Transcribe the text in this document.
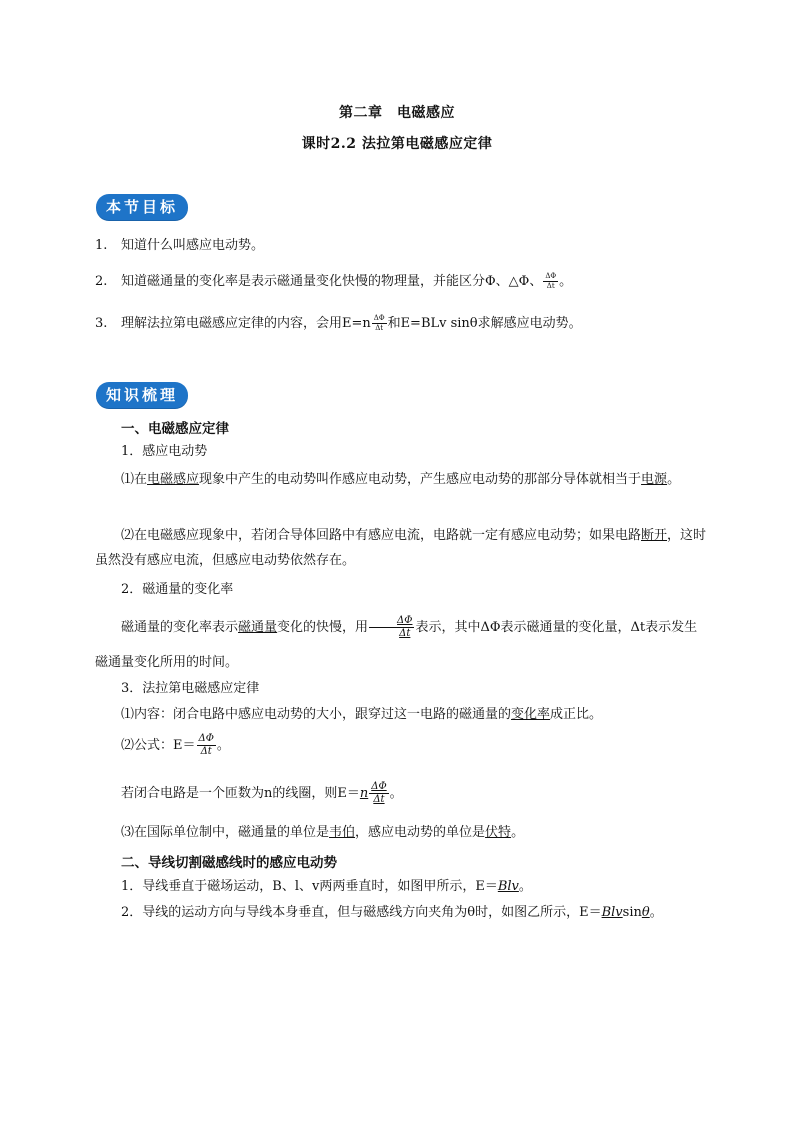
第二章　电磁感应
课时2.2 法拉第电磁感应定律
本节目标
1. 知道什么叫感应电动势。
2. 知道磁通量的变化率是表示磁通量变化快慢的物理量，并能区分Φ、△Φ、 $\frac{\Delta\Phi}{\Delta t}$ 。
3. 理解法拉第电磁感应定律的内容，会用$E=n \frac{\Delta\Phi}{\Delta t}$ 和E=BLv sinθ求解感应电动势。
知识梳理
一、电磁感应定律
1．感应电动势
⑴在电磁感应现象中产生的电动势叫作感应电动势，产生感应电动势的那部分导体就相当于电源。
⑵在电磁感应现象中，若闭合导体回路中有感应电流，电路就一定有感应电动势；如果电路断开，这时虽然没有感应电流，但感应电动势依然存在。
2．磁通量的变化率
磁通量的变化率表示磁通量变化的快慢，用 $\frac{\Delta\Phi}{\Delta t}$ 表示，其中ΔΦ表示磁通量的变化量，Δt表示发生磁通量变化所用的时间。
3．法拉第电磁感应定律
⑴内容：闭合电路中感应电动势的大小，跟穿过这一电路的磁通量的变化率成正比。
⑵公式：$E= \frac{\Delta\Phi}{\Delta t}$ 。
若闭合电路是一个匝数为n的线圈，则$E=n \frac{\Delta\Phi}{\Delta t}$ 。
⑶在国际单位制中，磁通量的单位是韦伯，感应电动势的单位是伏特。
二、导线切割磁感线时的感应电动势
1．导线垂直于磁场运动，B、l、v两两垂直时，如图甲所示，E＝Blv。
2．导线的运动方向与导线本身垂直，但与磁感线方向夹角为θ时，如图乙所示，E＝Blvsinθ。
